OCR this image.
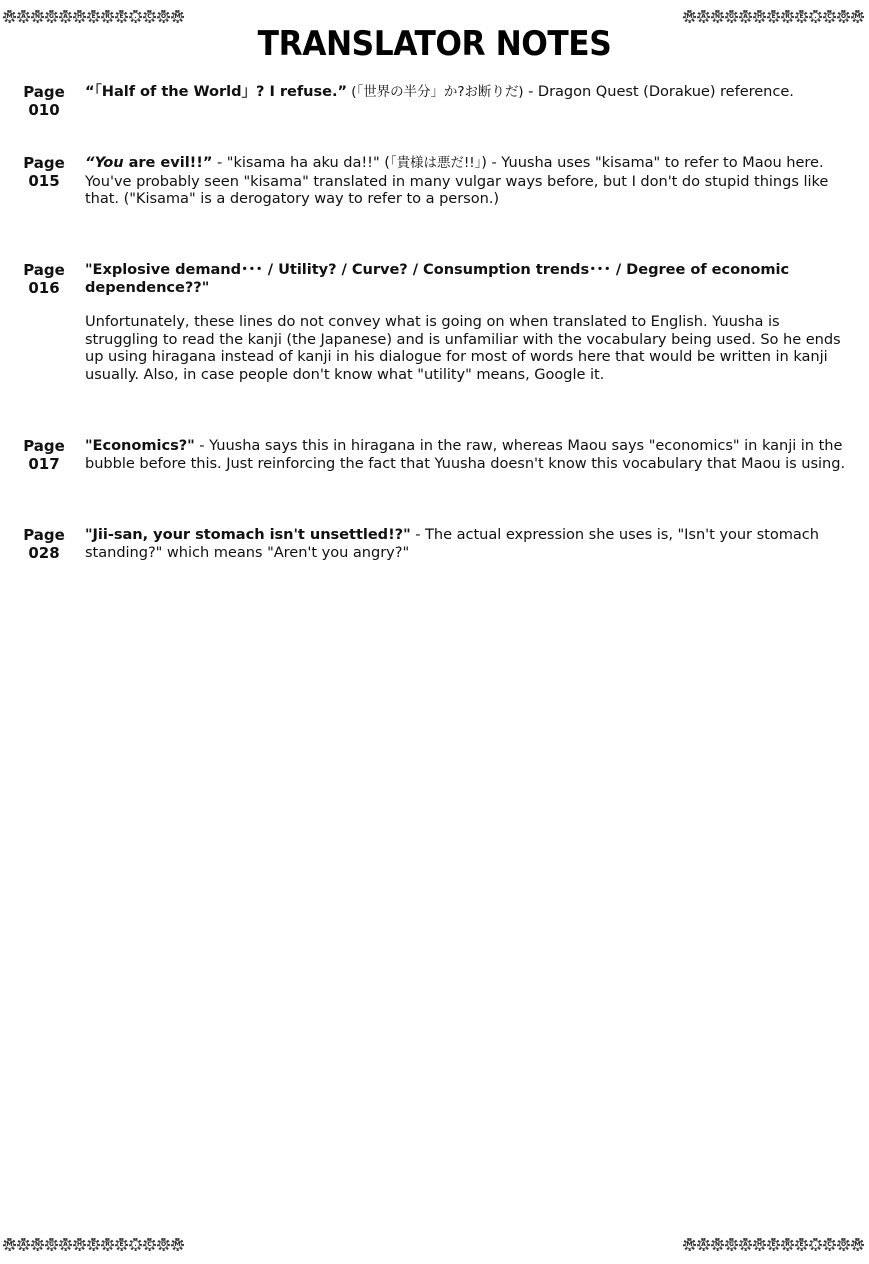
M	A	N	G	A	H	E	R	E	.	C	O	M	M	A	N	G	A	H	E	R	E	.	C	O	M
M	A	N	G	A	H	E	R	E	.	C	O	M	M	A	N	G	A	H	E	R	E	.	C	O	M
TRANSLATOR NOTES
Page
010

“「Half of the World」? I refuse.” (「世界の半分」か?お断りだ) - Dragon Quest (Dorakue) reference.

Page
015

“You are evil!!” - "kisama ha aku da!!" (「貴様は悪だ!!」) - Yuusha uses "kisama" to refer to Maou here. You've probably seen "kisama" translated in many vulgar ways before, but I don't do stupid things like that. ("Kisama" is a derogatory way to refer to a person.)

Page
016

"Explosive demand･･･ / Utility? / Curve? / Consumption trends･･･ / Degree of economic dependence??"

Unfortunately, these lines do not convey what is going on when translated to English. Yuusha is struggling to read the kanji (the Japanese) and is unfamiliar with the vocabulary being used. So he ends up using hiragana instead of kanji in his dialogue for most of words here that would be written in kanji usually. Also, in case people don't know what "utility" means, Google it.

Page
017

"Economics?" - Yuusha says this in hiragana in the raw, whereas Maou says "economics" in kanji in the bubble before this. Just reinforcing the fact that Yuusha doesn't know this vocabulary that Maou is using.

Page
028

"Jii-san, your stomach isn't unsettled!?" - The actual expression she uses is, "Isn't your stomach standing?" which means "Aren't you angry?"
